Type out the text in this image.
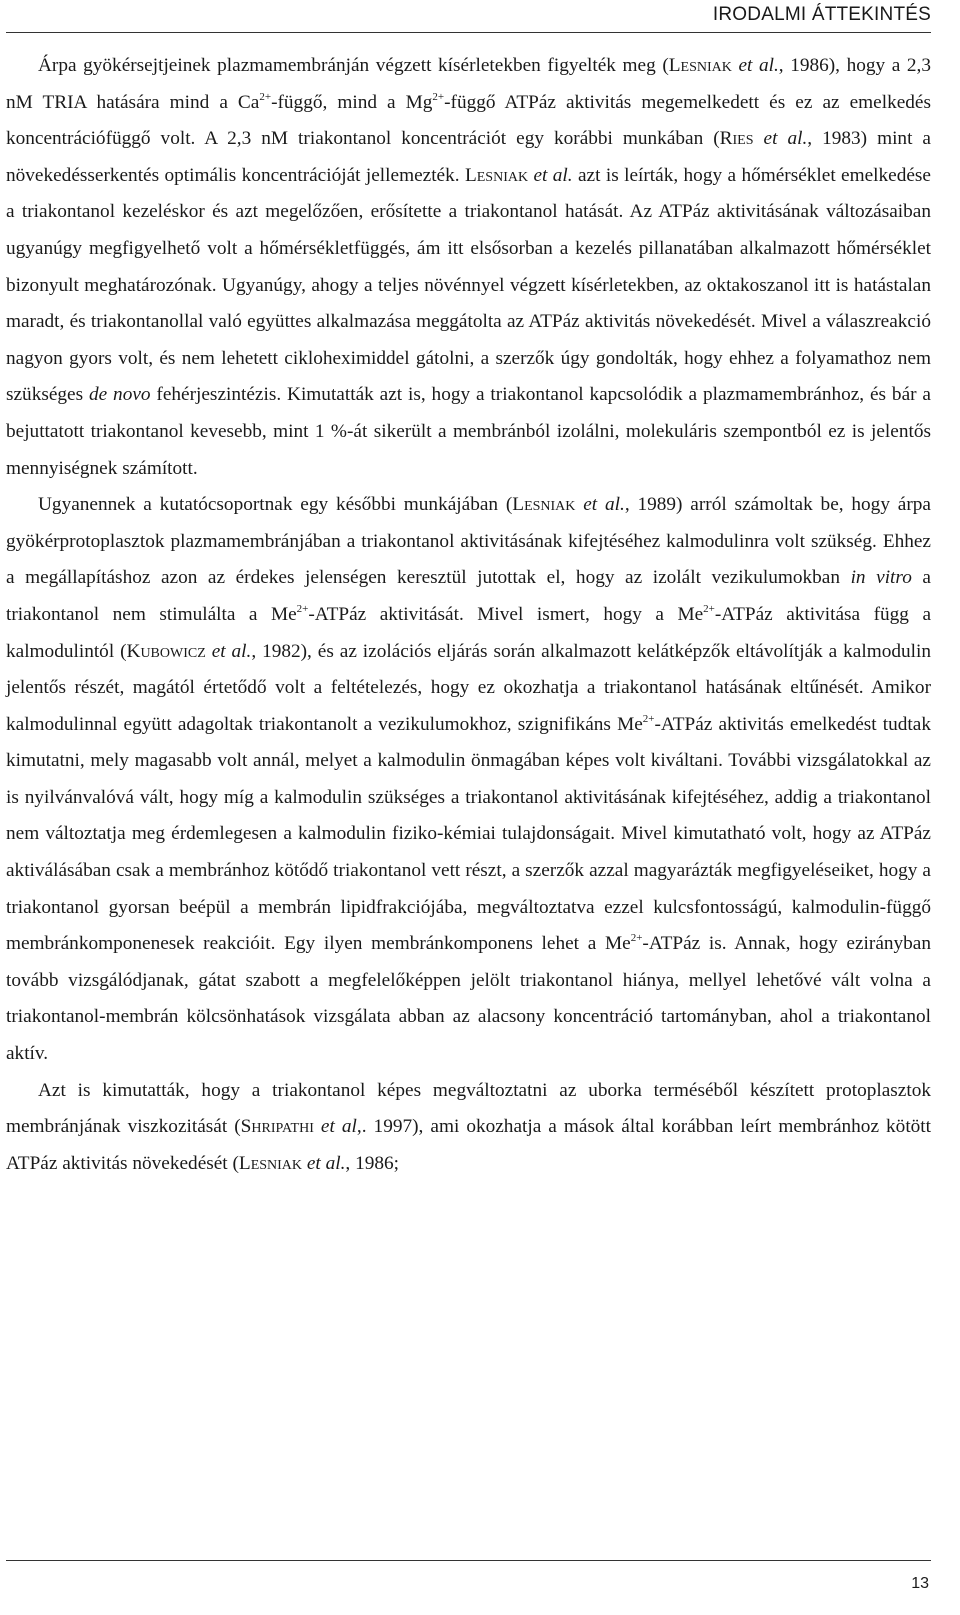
IRODALMI ÁTTEKINTÉS

Árpa gyökérsejtjeinek plazmamembránján végzett kísérletekben figyelték meg (Lesniak et al., 1986), hogy a 2,3 nM TRIA hatására mind a $Ca^{2+}$-függő, mind a $Mg^{2+}$-függő ATPáz aktivitás megemelkedett és ez az emelkedés koncentrációfüggő volt. A 2,3 nM triakontanol koncentrációt egy korábbi munkában (Ries et al., 1983) mint a növekedésserkentés optimális koncentrációját jellemezték. Lesniak et al. azt is leírták, hogy a hőmérséklet emelkedése a triakontanol kezeléskor és azt megelőzően, erősítette a triakontanol hatását. Az ATPáz aktivitásának változásaiban ugyanúgy megfigyelhető volt a hőmérsékletfüggés, ám itt elsősorban a kezelés pillanatában alkalmazott hőmérséklet bizonyult meghatározónak. Ugyanúgy, ahogy a teljes növénnyel végzett kísérletekben, az oktakoszanol itt is hatástalan maradt, és triakontanollal való együttes alkalmazása meggátolta az ATPáz aktivitás növekedését. Mivel a válaszreakció nagyon gyors volt, és nem lehetett cikloheximiddel gátolni, a szerzők úgy gondolták, hogy ehhez a folyamathoz nem szükséges de novo fehérjeszintézis. Kimutatták azt is, hogy a triakontanol kapcsolódik a plazmamembránhoz, és bár a bejuttatott triakontanol kevesebb, mint 1 %-át sikerült a membránból izolálni, molekuláris szempontból ez is jelentős mennyiségnek számított.

Ugyanennek a kutatócsoportnak egy későbbi munkájában (Lesniak et al., 1989) arról számoltak be, hogy árpa gyökérprotoplasztok plazmamembránjában a triakontanol aktivitásának kifejtéséhez kalmodulinra volt szükség. Ehhez a megállapításhoz azon az érdekes jelenségen keresztül jutottak el, hogy az izolált vezikulumokban in vitro a triakontanol nem stimulálta a $Me^{2+}$-ATPáz aktivitását. Mivel ismert, hogy a $Me^{2+}$-ATPáz aktivitása függ a kalmodulintól (Kubowicz et al., 1982), és az izolációs eljárás során alkalmazott kelátképzők eltávolítják a kalmodulin jelentős részét, magától értetődő volt a feltételezés, hogy ez okozhatja a triakontanol hatásának eltűnését. Amikor kalmodulinnal együtt adagoltak triakontanolt a vezikulumokhoz, szignifikáns $Me^{2+}$-ATPáz aktivitás emelkedést tudtak kimutatni, mely magasabb volt annál, melyet a kalmodulin önmagában képes volt kiváltani. További vizsgálatokkal az is nyilvánvalóvá vált, hogy míg a kalmodulin szükséges a triakontanol aktivitásának kifejtéséhez, addig a triakontanol nem változtatja meg érdemlegesen a kalmodulin fiziko-kémiai tulajdonságait. Mivel kimutatható volt, hogy az ATPáz aktiválásában csak a membránhoz kötődő triakontanol vett részt, a szerzők azzal magyarázták megfigyeléseiket, hogy a triakontanol gyorsan beépül a membrán lipidfrakciójába, megváltoztatva ezzel kulcsfontosságú, kalmodulin-függő membránkomponenesek reakcióit. Egy ilyen membránkomponens lehet a $Me^{2+}$-ATPáz is. Annak, hogy ezirányban tovább vizsgálódjanak, gátat szabott a megfelelőképpen jelölt triakontanol hiánya, mellyel lehetővé vált volna a triakontanol-membrán kölcsönhatások vizsgálata abban az alacsony koncentráció tartományban, ahol a triakontanol aktív.

Azt is kimutatták, hogy a triakontanol képes megváltoztatni az uborka terméséből készített protoplasztok membránjának viszkozitását (Shripathi et al,. 1997), ami okozhatja a mások által korábban leírt membránhoz kötött ATPáz aktivitás növekedését (Lesniak et al., 1986;

13
